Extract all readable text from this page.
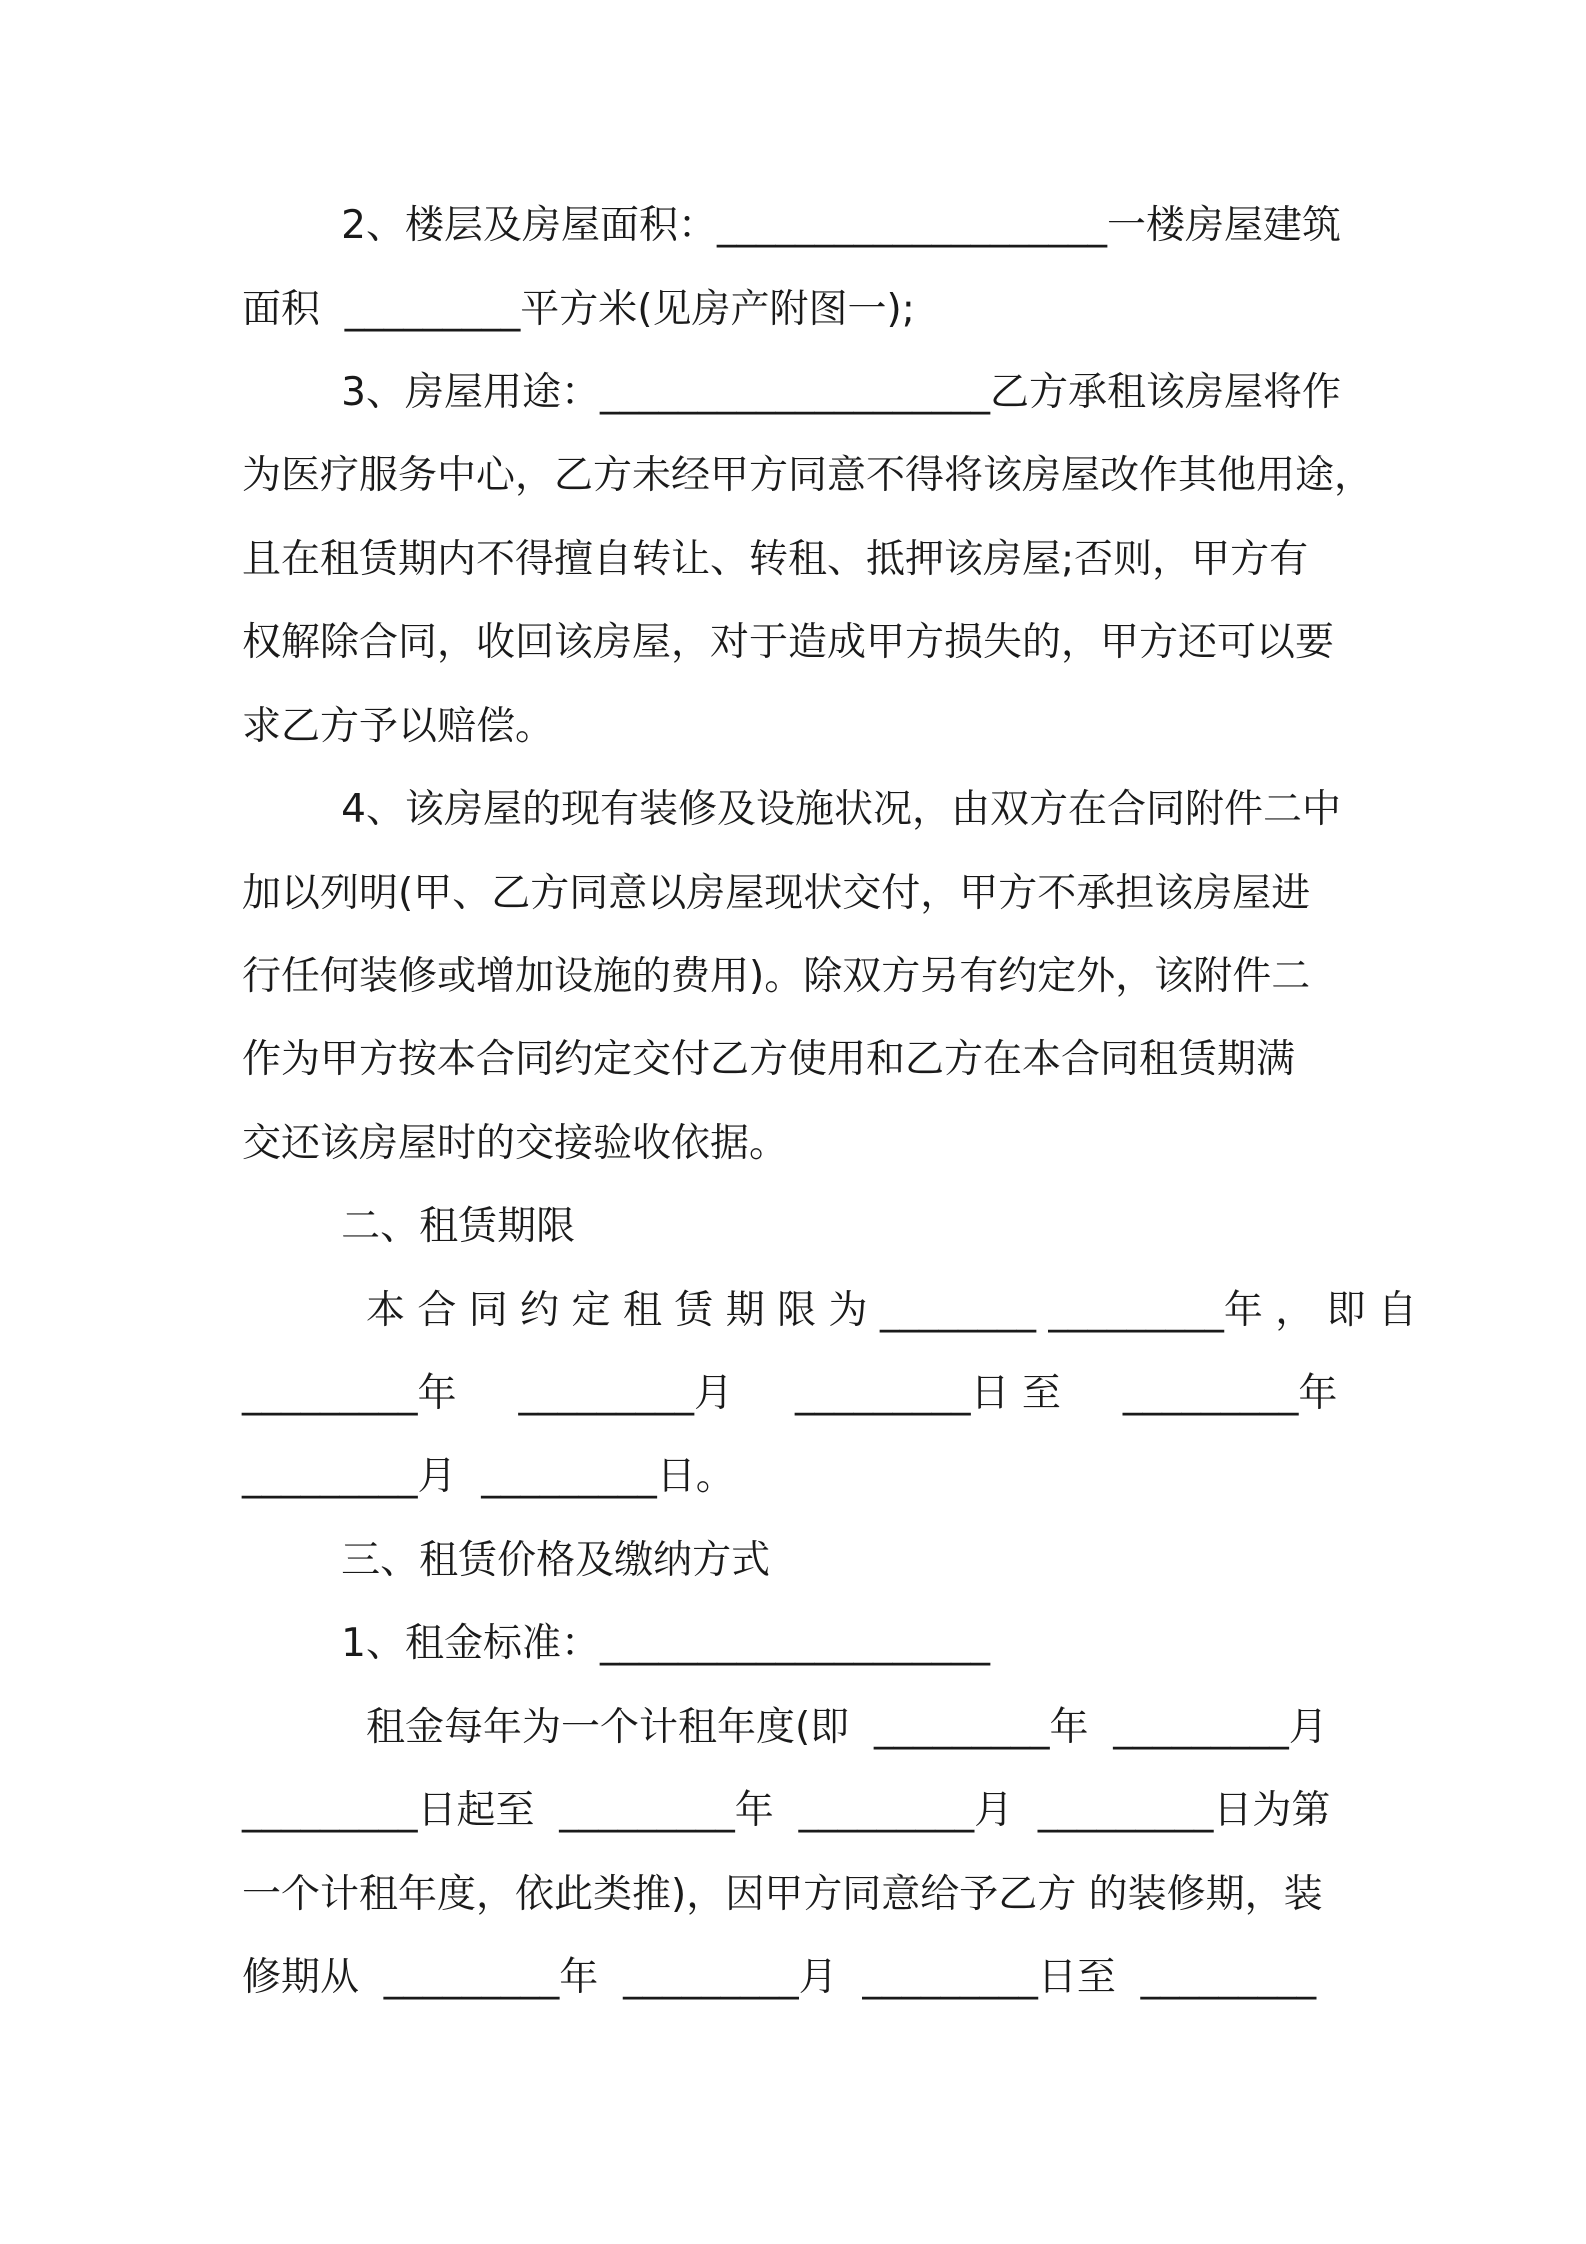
2、楼层及房屋面积：____________________一楼房屋建筑
面积  _________平方米(见房产附图一);
3、房屋用途：____________________乙方承租该房屋将作
为医疗服务中心，乙方未经甲方同意不得将该房屋改作其他用途，
且在租赁期内不得擅自转让、转租、抵押该房屋;否则，甲方有
权解除合同，收回该房屋，对于造成甲方损失的，甲方还可以要
求乙方予以赔偿。
4、该房屋的现有装修及设施状况，由双方在合同附件二中
加以列明(甲、乙方同意以房屋现状交付，甲方不承担该房屋进
行任何装修或增加设施的费用)。除双方另有约定外，该附件二
作为甲方按本合同约定交付乙方使用和乙方在本合同租赁期满
交还该房屋时的交接验收依据。
二、租赁期限
本 合 同 约 定 租 赁 期 限 为 ________ _________年 ， 即 自
_________年     _________月     _________日 至     _________年
_________月  _________日。
三、租赁价格及缴纳方式
1、租金标准：____________________
租金每年为一个计租年度(即  _________年  _________月
_________日起至  _________年  _________月  _________日为第
一个计租年度，依此类推)，因甲方同意给予乙方 的装修期，装
修期从  _________年  _________月  _________日至  _________
